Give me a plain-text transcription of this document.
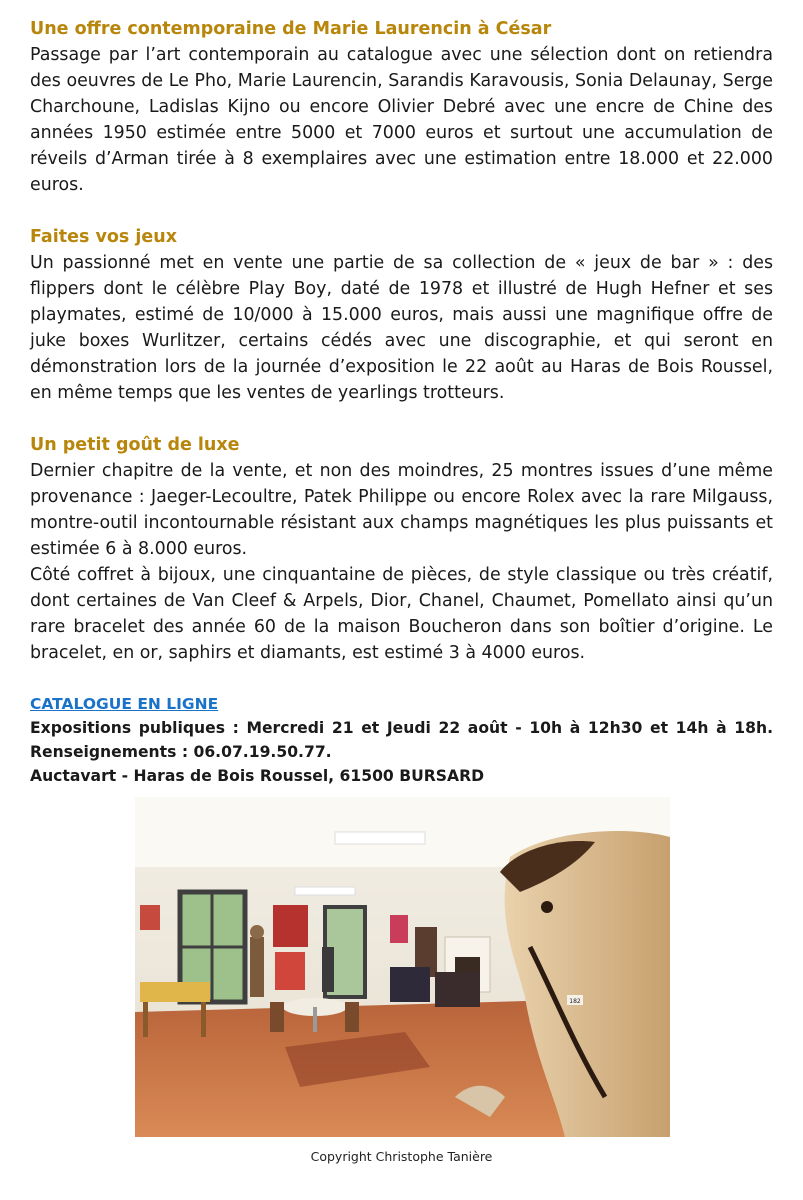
Une offre contemporaine de Marie Laurencin à César

Passage par l’art contemporain au catalogue avec une sélection dont on retiendra des oeuvres de Le Pho, Marie Laurencin, Sarandis Karavousis, Sonia Delaunay, Serge Charchoune, Ladislas Kijno ou encore Olivier Debré avec une encre de Chine des années 1950 estimée entre 5000 et 7000 euros et surtout une accumulation de réveils d’Arman tirée à 8 exemplaires avec une estimation entre 18.000 et 22.000 euros.

Faites vos jeux

Un passionné met en vente une partie de sa collection de « jeux de bar » : des flippers dont le célèbre Play Boy, daté de 1978 et illustré de Hugh Hefner et ses playmates, estimé de 10/000 à 15.000 euros, mais aussi une magnifique offre de juke boxes Wurlitzer, certains cédés avec une discographie, et qui seront en démonstration lors de la journée d’exposition le 22 août au Haras de Bois Roussel, en même temps que les ventes de yearlings trotteurs.

Un petit goût de luxe

Dernier chapitre de la vente, et non des moindres, 25 montres issues d’une même provenance : Jaeger-Lecoultre, Patek Philippe ou encore Rolex avec la rare Milgauss, montre-outil incontournable résistant aux champs magnétiques les plus puissants et estimée 6 à 8.000 euros.

Côté coffret à bijoux, une cinquantaine de pièces, de style classique ou très créatif, dont certaines de Van Cleef & Arpels, Dior, Chanel, Chaumet, Pomellato ainsi qu’un rare bracelet des année 60 de la maison Boucheron dans son boîtier d’origine. Le bracelet, en or, saphirs et diamants, est estimé 3 à 4000 euros.

CATALOGUE EN LIGNE

Expositions publiques : Mercredi 21 et Jeudi 22 août - 10h à 12h30 et 14h à 18h. Renseignements : 06.07.19.50.77.

Auctavart - Haras de Bois Roussel, 61500 BURSARD

182
Copyright Christophe Tanière
